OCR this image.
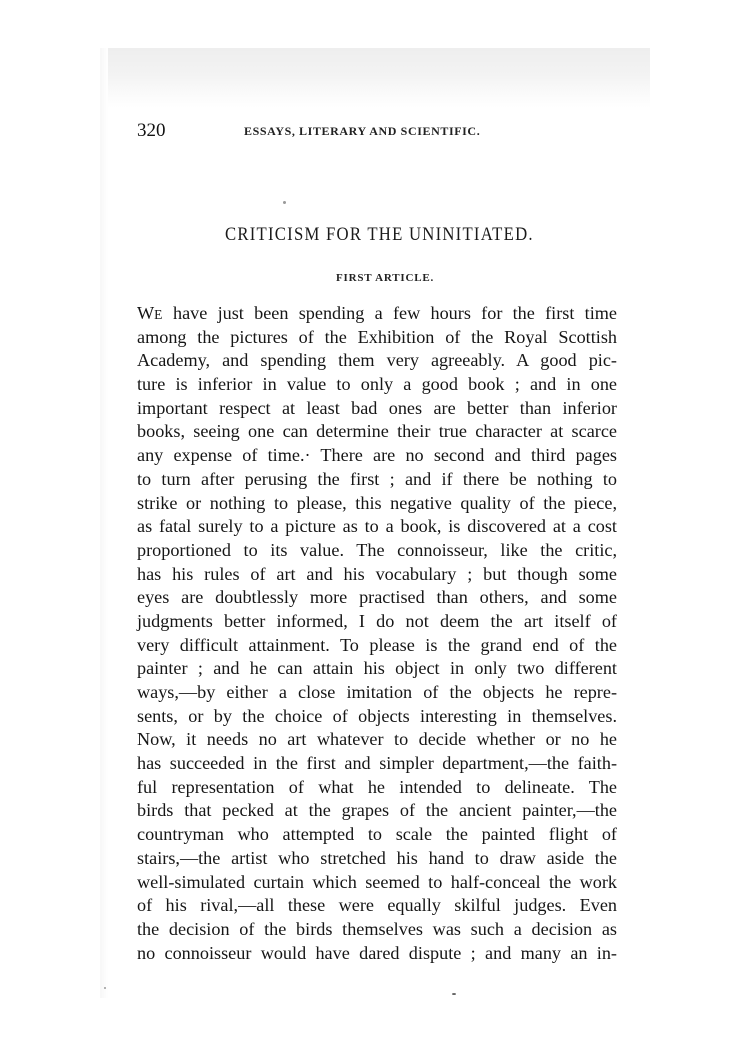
320	ESSAYS, LITERARY AND SCIENTIFIC.
CRITICISM FOR THE UNINITIATED.
FIRST ARTICLE.
WE have just been spending a few hours for the first time
among the pictures of the Exhibition of the Royal Scottish
Academy, and spending them very agreeably. A good pic-
ture is inferior in value to only a good book ; and in one
important respect at least bad ones are better than inferior
books, seeing one can determine their true character at scarce
any expense of time.· There are no second and third pages
to turn after perusing the first ; and if there be nothing to
strike or nothing to please, this negative quality of the piece,
as fatal surely to a picture as to a book, is discovered at a cost
proportioned to its value. The connoisseur, like the critic,
has his rules of art and his vocabulary ; but though some
eyes are doubtlessly more practised than others, and some
judgments better informed, I do not deem the art itself of
very difficult attainment. To please is the grand end of the
painter ; and he can attain his object in only two different
ways,—by either a close imitation of the objects he repre-
sents, or by the choice of objects interesting in themselves.
Now, it needs no art whatever to decide whether or no he
has succeeded in the first and simpler department,—the faith-
ful representation of what he intended to delineate. The
birds that pecked at the grapes of the ancient painter,—the
countryman who attempted to scale the painted flight of
stairs,—the artist who stretched his hand to draw aside the
well-simulated curtain which seemed to half-conceal the work
of his rival,—all these were equally skilful judges. Even
the decision of the birds themselves was such a decision as
no connoisseur would have dared dispute ; and many an in-
